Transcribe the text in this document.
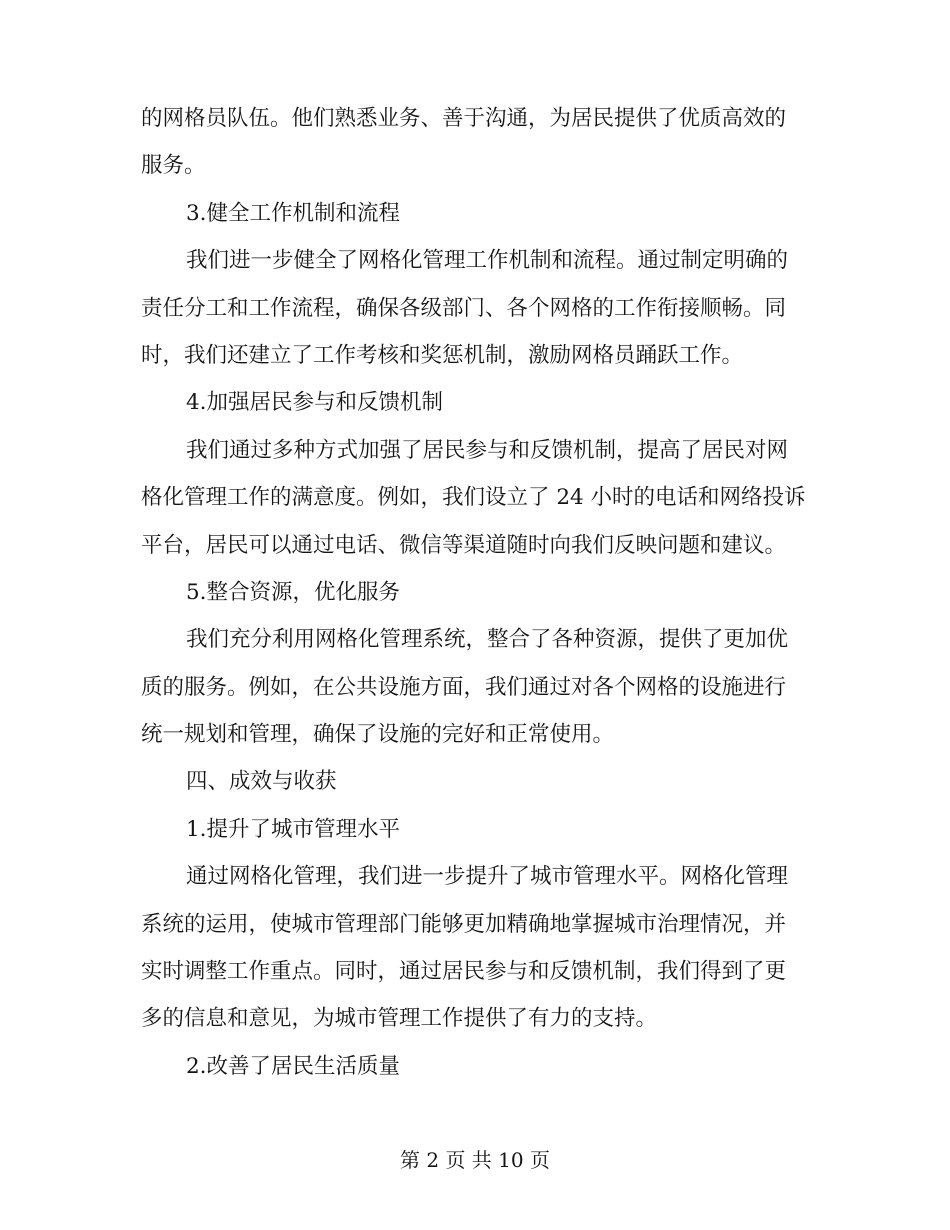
的网格员队伍。他们熟悉业务、善于沟通，为居民提供了优质高效的

服务。

3.健全工作机制和流程

我们进一步健全了网格化管理工作机制和流程。通过制定明确的

责任分工和工作流程，确保各级部门、各个网格的工作衔接顺畅。同

时，我们还建立了工作考核和奖惩机制，激励网格员踊跃工作。

4.加强居民参与和反馈机制

我们通过多种方式加强了居民参与和反馈机制，提高了居民对网

格化管理工作的满意度。例如，我们设立了 24 小时的电话和网络投诉

平台，居民可以通过电话、微信等渠道随时向我们反映问题和建议。

5.整合资源，优化服务

我们充分利用网格化管理系统，整合了各种资源，提供了更加优

质的服务。例如，在公共设施方面，我们通过对各个网格的设施进行

统一规划和管理，确保了设施的完好和正常使用。

四、成效与收获

1.提升了城市管理水平

通过网格化管理，我们进一步提升了城市管理水平。网格化管理

系统的运用，使城市管理部门能够更加精确地掌握城市治理情况，并

实时调整工作重点。同时，通过居民参与和反馈机制，我们得到了更

多的信息和意见，为城市管理工作提供了有力的支持。

2.改善了居民生活质量

第 2 页 共 10 页
